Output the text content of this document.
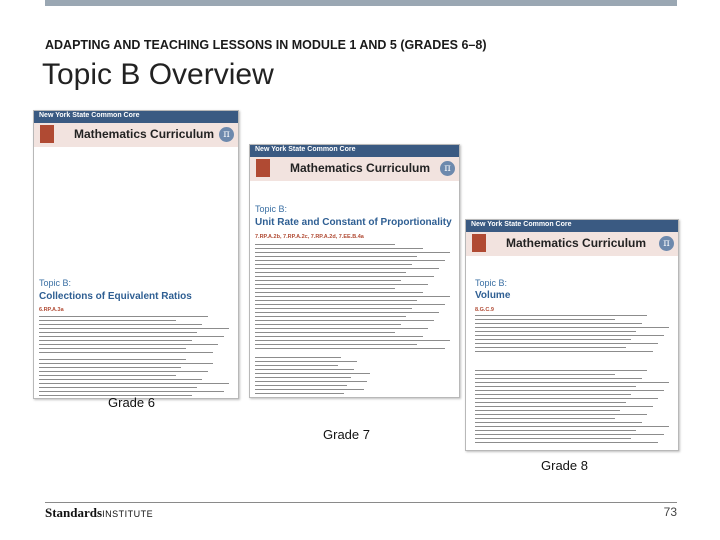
ADAPTING AND TEACHING LESSONS IN MODULE 1 AND 5 (GRADES 6–8)
Topic B Overview
New York State Common Core
Mathematics Curriculum π
Topic B:
Collections of Equivalent Ratios
6.RP.A.3a
New York State Common Core
Mathematics Curriculum	π
Topic B:
Unit Rate and Constant of Proportionality
7.RP.A.2b, 7.RP.A.2c, 7.RP.A.2d, 7.EE.B.4a
New York State Common Core
Mathematics Curriculum	π
Topic B:
Volume
8.G.C.9
Grade 6
Grade 7
Grade 8
StandardsINSTITUTE	73
